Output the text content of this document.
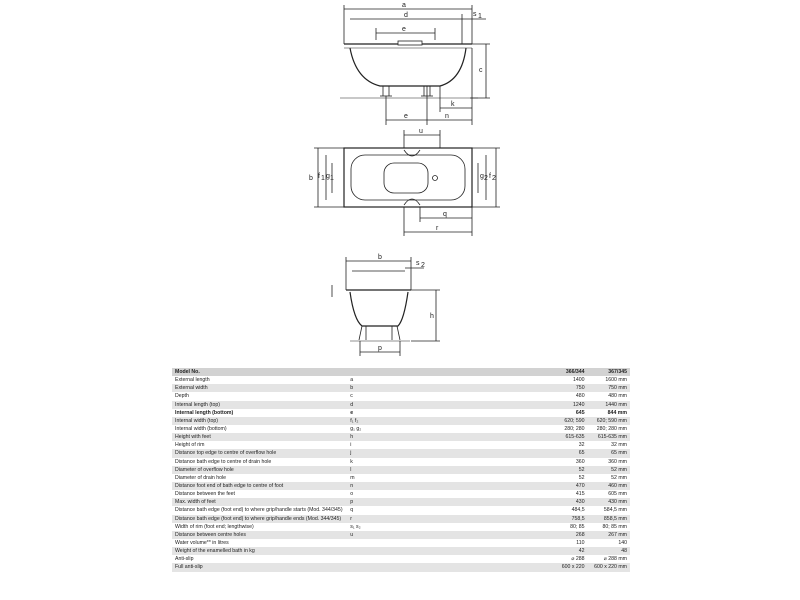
a
d	s 1
e
c
k
n
e
u
b f 1 g 1	g 2 f 2
q
r
b
s 2
h
p
Model No.		366/344	367/345
External length	a	1400	1600 mm
External width	b	750	750 mm
Depth	c	480	480 mm
Internal length (top)	d	1240	1440 mm
Internal length (bottom)	e	645	844 mm
Internal width (top)	f₁ f₂	620; 590	620; 590 mm
Internal width (bottom)	g₁ g₂	280; 280	280; 280 mm
Height with feet	h	615-635	615-635 mm
Height of rim	i	32	32 mm
Distance top edge to centre of overflow hole	j	65	65 mm
Distance bath edge to centre of drain hole	k	360	360 mm
Diameter of overflow hole	l	52	52 mm
Diameter of drain hole	m	52	52 mm
Distance foot end of bath edge to centre of foot	n	470	460 mm
Distance between the feet	o	415	605 mm
Max. width of feet	p	430	430 mm
Distance bath edge (foot end) to where grip/handle starts (Mod. 344/345)	q	484,5	584,5 mm
Distance bath edge (foot end) to where grip/handle ends (Mod. 344/345)	r	758,5	858,5 mm
Width of rim (foot end; lengthwise)	s₁ s₂	80; 85	80; 85 mm
Distance between centre holes	u	268	267 mm
Water volume** in litres		110	140
Weight of the enamelled bath in kg		42	48
Anti-slip		⌀ 288	⌀ 288 mm
Full anti-slip		600 x 220	600 x 220 mm
